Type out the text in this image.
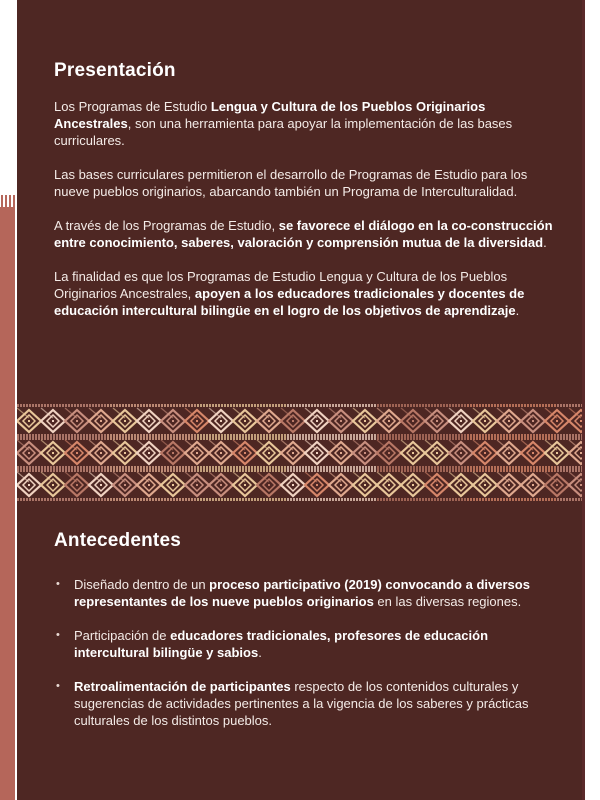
Presentación

Los Programas de Estudio Lengua y Cultura de los Pueblos Originarios Ancestrales, son una herramienta para apoyar la implementación de las bases curriculares.

Las bases curriculares permitieron el desarrollo de Programas de Estudio para los nueve pueblos originarios, abarcando también un Programa de Interculturalidad.

A través de los Programas de Estudio, se favorece el diálogo en la co-construcción entre conocimiento, saberes, valoración y comprensión mutua de la diversidad.

La finalidad es que los Programas de Estudio Lengua y Cultura de los Pueblos Originarios Ancestrales, apoyen a los educadores tradicionales y docentes de educación intercultural bilingüe en el logro de los objetivos de aprendizaje.

Antecedentes
• Diseñado dentro de un proceso participativo (2019) convocando a diversos representantes de los nueve pueblos originarios en las diversas regiones.
• Participación de educadores tradicionales, profesores de educación intercultural bilingüe y sabios.
• Retroalimentación de participantes respecto de los contenidos culturales y sugerencias de actividades pertinentes a la vigencia de los saberes y prácticas culturales de los distintos pueblos.
